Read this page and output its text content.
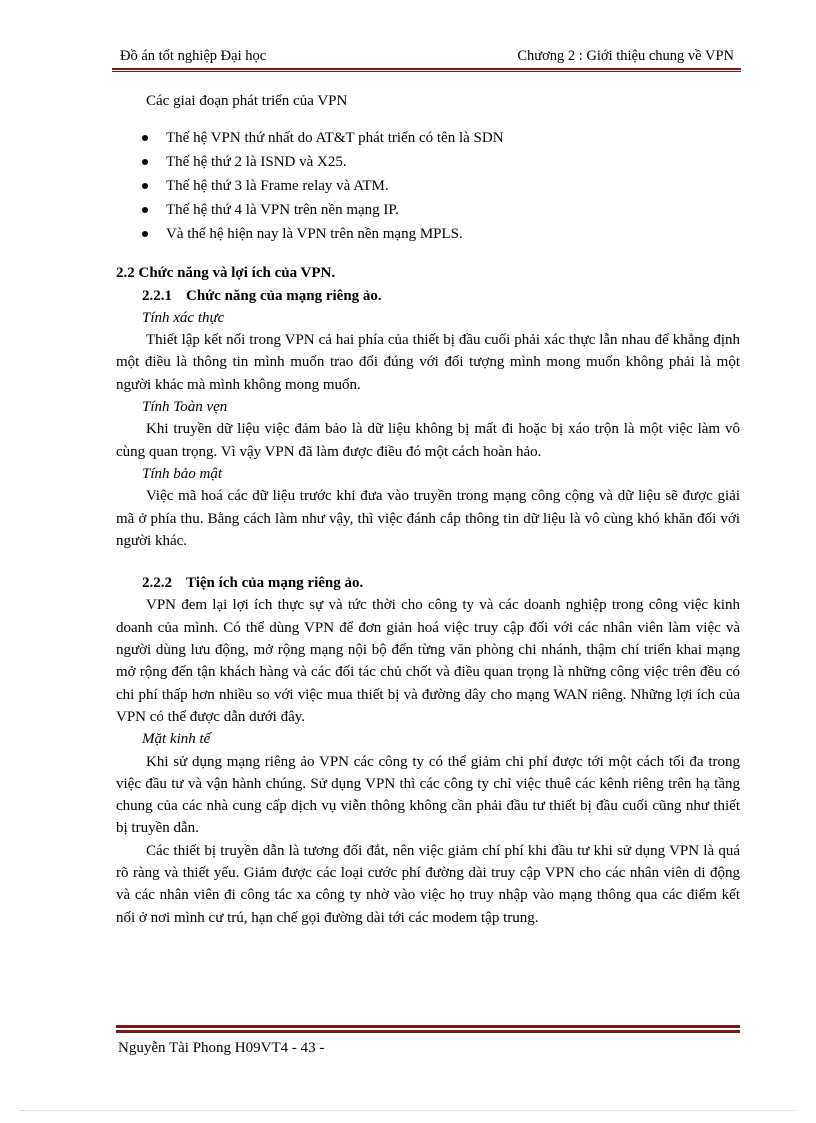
Đồ án tốt nghiệp Đại học	Chương 2 : Giới thiệu chung về VPN
Các giai đoạn phát triển của VPN
Thế hệ VPN thứ nhất do AT&T phát triển có tên là SDN
Thế hệ thứ 2 là ISND và X25.
Thế hệ thứ 3 là Frame relay và ATM.
Thế hệ thứ 4 là VPN trên nền mạng IP.
Và thế hệ hiện nay là VPN trên nền mạng MPLS.
2.2 Chức năng và lợi ích của VPN.
2.2.1 Chức năng của mạng riêng ảo.
Tính xác thực
Thiết lập kết nối trong VPN cả hai phía của thiết bị đầu cuối phải xác thực lẫn nhau để khẳng định một điều là thông tin mình muốn trao đổi đúng với đối tượng mình mong muốn không phải là một người khác mà mình không mong muốn.
Tính Toàn vẹn
Khi truyền dữ liệu việc đảm bảo là dữ liệu không bị mất đi hoặc bị xáo trộn là một việc làm vô cùng quan trọng. Vì vậy VPN đã làm được điều đó một cách hoàn hảo.
Tính bảo mật
Việc mã hoá các dữ liệu trước khi đưa vào truyền trong mạng công cộng và dữ liệu sẽ được giải mã ở phía thu. Bằng cách làm như vậy, thì việc đánh cắp thông tin dữ liệu là vô cùng khó khăn đối với người khác.
2.2.2 Tiện ích của mạng riêng ảo.
VPN đem lại lợi ích thực sự và tức thời cho công ty và các doanh nghiệp trong công việc kinh doanh của mình. Có thể dùng VPN để đơn giản hoá việc truy cập đối với các nhân viên làm việc và người dùng lưu động, mở rộng mạng nội bộ đến từng văn phòng chi nhánh, thậm chí triển khai mạng mở rộng đến tận khách hàng và các đối tác chủ chốt và điều quan trọng là những công việc trên đều có chi phí thấp hơn nhiều so với việc mua thiết bị và đường dây cho mạng WAN riêng. Những lợi ích của VPN có thể được dẫn dưới đây.
Mặt kinh tế
Khi sử dụng mạng riêng ảo VPN các công ty có thể giảm chi phí được tới một cách tối đa trong việc đầu tư và vận hành chúng. Sử dụng VPN thì các công ty chỉ việc thuê các kênh riêng trên hạ tầng chung của các nhà cung cấp dịch vụ viễn thông không cần phải đầu tư thiết bị đầu cuối cũng như thiết bị truyền dẫn.
Các thiết bị truyền dẫn là tương đối đắt, nên việc giảm chí phí khi đầu tư khi sử dụng VPN là quá rõ ràng và thiết yếu. Giảm được các loại cước phí đường dài truy cập VPN cho các nhân viên di động và các nhân viên đi công tác xa công ty nhờ vào việc họ truy nhập vào mạng thông qua các điểm kết nối ở nơi mình cư trú, hạn chế gọi đường dài tới các modem tập trung.
Nguyễn Tài Phong H09VT4 - 43 -
